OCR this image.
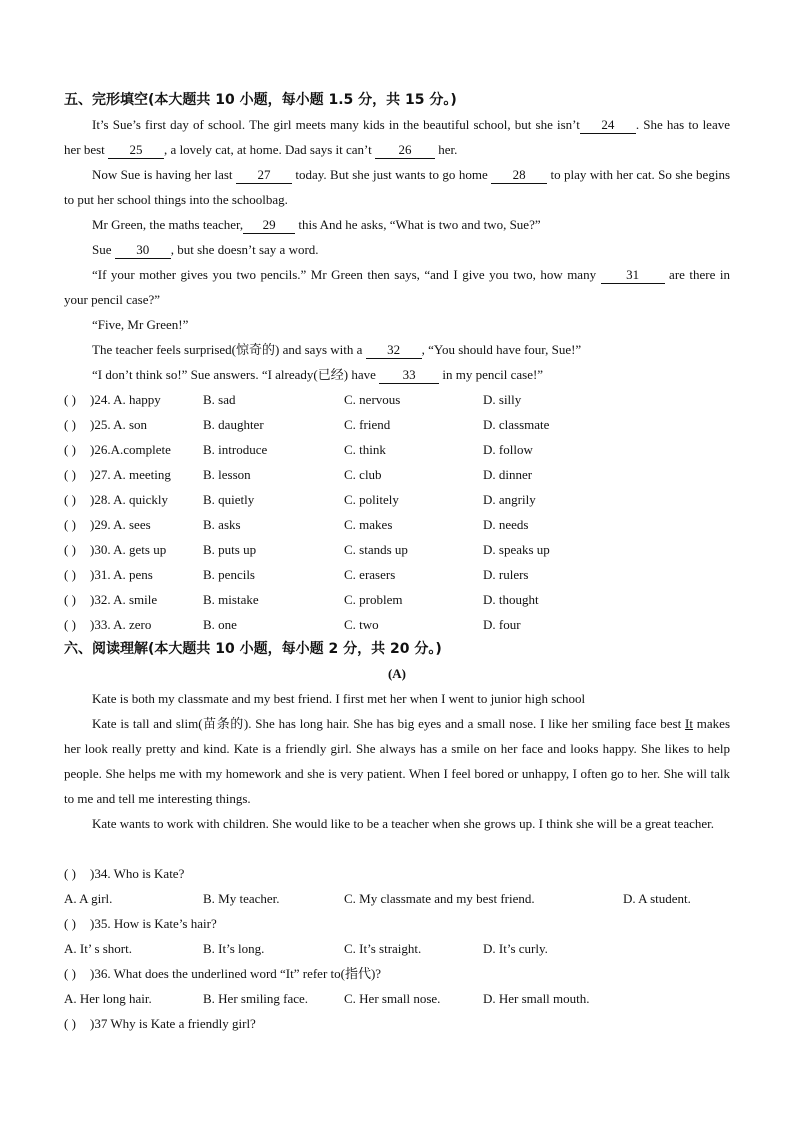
五、完形填空(本大题共 10 小题，每小题 1.5 分，共 15 分。)
It’s Sue’s first day of school. The girl meets many kids in the beautiful school, but she isn’t 24 . She has to leave her best 25 , a lovely cat, at home. Dad says it can’t 26 her.
Now Sue is having her last 27 today. But she just wants to go home 28 to play with her cat. So she begins to put her school things into the schoolbag.
Mr Green, the maths teacher, 29 this And he asks, “What is two and two, Sue?”
Sue 30 , but she doesn’t say a word.
“If your mother gives you two pencils.” Mr Green then says, “and I give you two, how many 31 are there in your pencil case?”
“Five, Mr Green!”
The teacher feels surprised(惊奇的) and says with a 32 , “You should have four, Sue!”
“I don’t think so!” Sue answers. “I already(已经) have 33 in my pencil case!”
( ) )24. A. happy	B. sad	C. nervous	D. silly
( ) )25. A. son	B. daughter	C. friend	D. classmate
( ) )26.A.complete B. introduce	C. think	D. follow
( ) )27. A. meeting B. lesson	C. club	D. dinner
( ) )28. A. quickly	B. quietly	C. politely	D. angrily
( ) )29. A. sees	B. asks	C. makes	D. needs
( ) )30. A. gets up	B. puts up	C. stands up	D. speaks up
( ) )31. A. pens	B. pencils	C. erasers	D. rulers
( ) )32. A. smile	B. mistake	C. problem	D. thought
( ) )33. A. zero	B. one	C. two	D. four
六、阅读理解(本大题共 10 小题，每小题 2 分，共 20 分。)
(A)
Kate is both my classmate and my best friend. I first met her when I went to junior high school
Kate is tall and slim(苗条的). She has long hair. She has big eyes and a small nose. I like her smiling face best It makes her look really pretty and kind. Kate is a friendly girl. She always has a smile on her face and looks happy. She likes to help people. She helps me with my homework and she is very patient. When I feel bored or unhappy, I often go to her. She will talk to me and tell me interesting things.
Kate wants to work with children. She would like to be a teacher when she grows up. I think she will be a great teacher.
( ) )34. Who is Kate?
A. A girl.	B. My teacher.	C. My classmate and my best friend.	D. A student.
( ) )35. How is Kate’s hair?
A. It’ s short.	B. It’s long.	C. It’s straight.	D. It’s curly.
( ) )36. What does the underlined word “It” refer to(指代)?
A. Her long hair.	B. Her smiling face.	C. Her small nose.	D. Her small mouth.
( ) )37 Why is Kate a friendly girl?
